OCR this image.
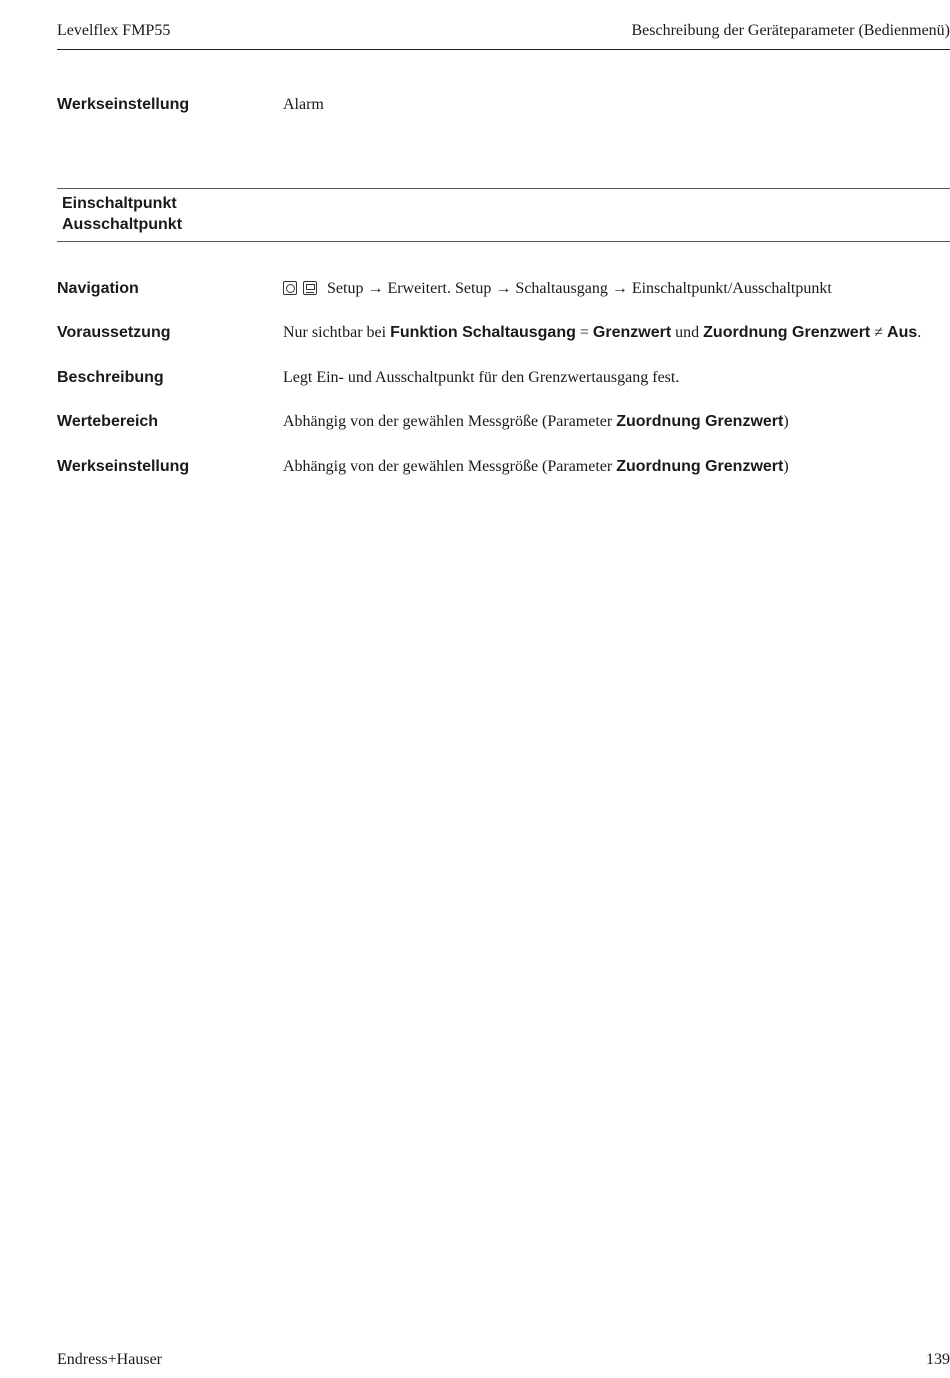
Levelflex FMP55	Beschreibung der Geräteparameter (Bedienmenü)
Werkseinstellung	Alarm
Einschaltpunkt
Ausschaltpunkt
Navigation	Setup → Erweitert. Setup → Schaltausgang → Einschaltpunkt/Ausschaltpunkt
Voraussetzung	Nur sichtbar bei Funktion Schaltausgang = Grenzwert und Zuordnung Grenzwert ≠ Aus.
Beschreibung	Legt Ein- und Ausschaltpunkt für den Grenzwertausgang fest.
Wertebereich	Abhängig von der gewählen Messgröße (Parameter Zuordnung Grenzwert)
Werkseinstellung	Abhängig von der gewählen Messgröße (Parameter Zuordnung Grenzwert)
Endress+Hauser	139
